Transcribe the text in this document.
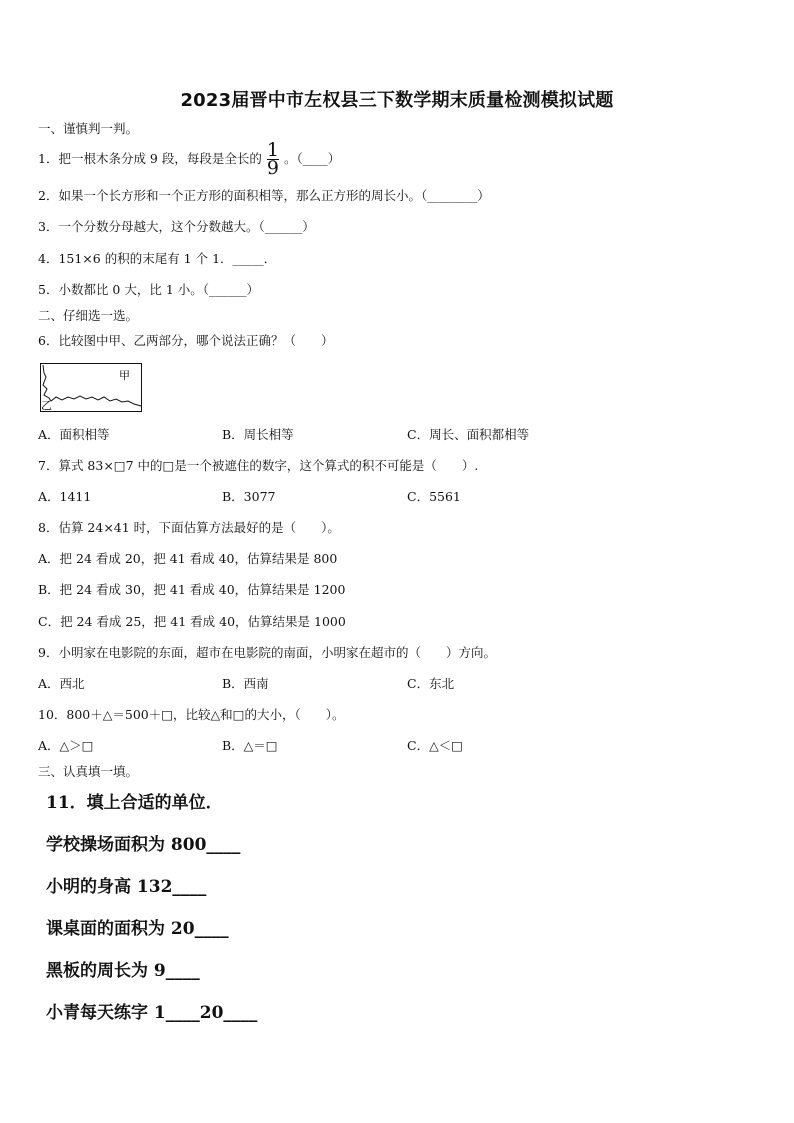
2023届晋中市左权县三下数学期末质量检测模拟试题
一、谨慎判一判。
1．把一根木条分成 9 段，每段是全长的 $\frac{1}{9}$ 。（____）
2．如果一个长方形和一个正方形的面积相等，那么正方形的周长小。（________）
3．一个分数分母越大，这个分数越大。（______）
4．151×6 的积的末尾有 1 个 1．_____．
5．小数都比 0 大，比 1 小。（______）
二、仔细选一选。
6．比较图中甲、乙两部分，哪个说法正确？（　　）
甲
乙
A．面积相等	B．周长相等	C．周长、面积都相等
7．算式 83×□7 中的□是一个被遮住的数字，这个算式的积不可能是（　　）.
A．1411	B．3077	C．5561
8．估算 24×41 时，下面估算方法最好的是（　　）。
A．把 24 看成 20，把 41 看成 40，估算结果是 800
B．把 24 看成 30，把 41 看成 40，估算结果是 1200
C．把 24 看成 25，把 41 看成 40，估算结果是 1000
9．小明家在电影院的东面，超市在电影院的南面，小明家在超市的（　　）方向。
A．西北	B．西南	C．东北
10．800＋△＝500＋□，比较△和□的大小，（　　）。
A．△＞□	B．△＝□	C．△＜□
三、认真填一填。
11．填上合适的单位．
学校操场面积为 800____
小明的身高 132____
课桌面的面积为 20____
黑板的周长为 9____
小青每天练字 1____20____
